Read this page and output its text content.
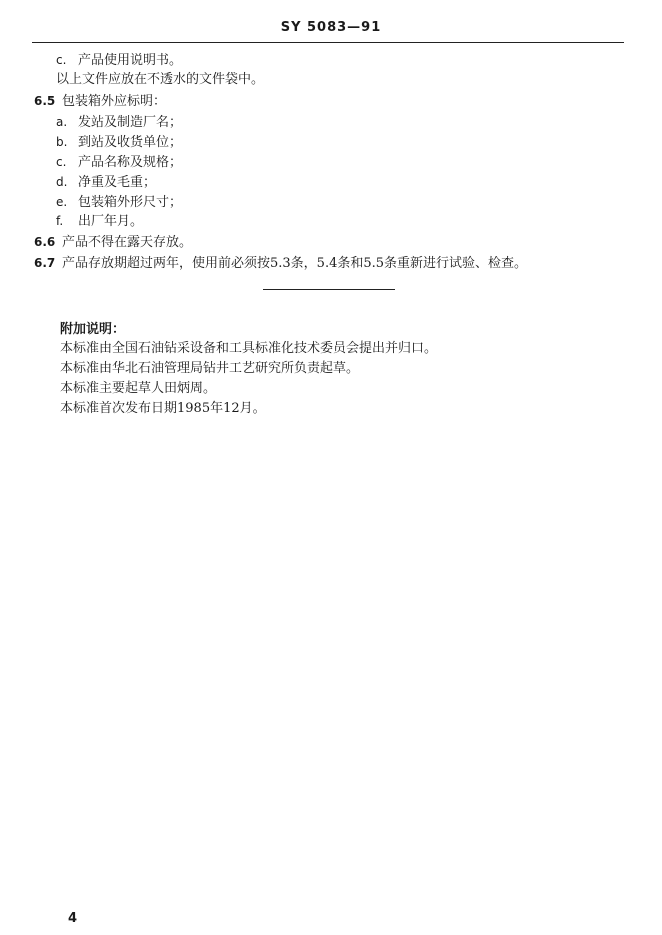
SY 5083—91
c. 产品使用说明书。
以上文件应放在不透水的文件袋中。
6.5 包装箱外应标明：
a. 发站及制造厂名；
b. 到站及收货单位；
c. 产品名称及规格；
d. 净重及毛重；
e. 包装箱外形尺寸；
f. 出厂年月。
6.6 产品不得在露天存放。
6.7 产品存放期超过两年，使用前必须按5.3条，5.4条和5.5条重新进行试验、检查。
附加说明：
本标准由全国石油钻采设备和工具标准化技术委员会提出并归口。
本标准由华北石油管理局钻井工艺研究所负责起草。
本标准主要起草人田炳周。
本标准首次发布日期1985年12月。
4
